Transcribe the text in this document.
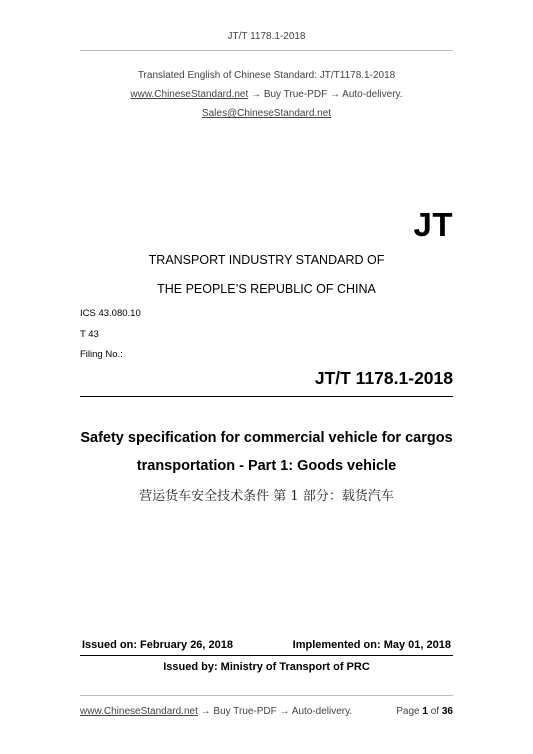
JT/T 1178.1-2018
Translated English of Chinese Standard: JT/T1178.1-2018
www.ChineseStandard.net → Buy True-PDF → Auto-delivery.
Sales@ChineseStandard.net
JT
TRANSPORT INDUSTRY STANDARD OF
THE PEOPLE’S REPUBLIC OF CHINA
ICS 43.080.10
T 43
Filing No.:
JT/T 1178.1-2018
Safety specification for commercial vehicle for cargos
transportation - Part 1: Goods vehicle
营运货车安全技术条件 第 1 部分：载货汽车
Issued on: February 26, 2018	Implemented on: May 01, 2018
Issued by: Ministry of Transport of PRC
www.ChineseStandard.net → Buy True-PDF → Auto-delivery.	Page 1 of 36
